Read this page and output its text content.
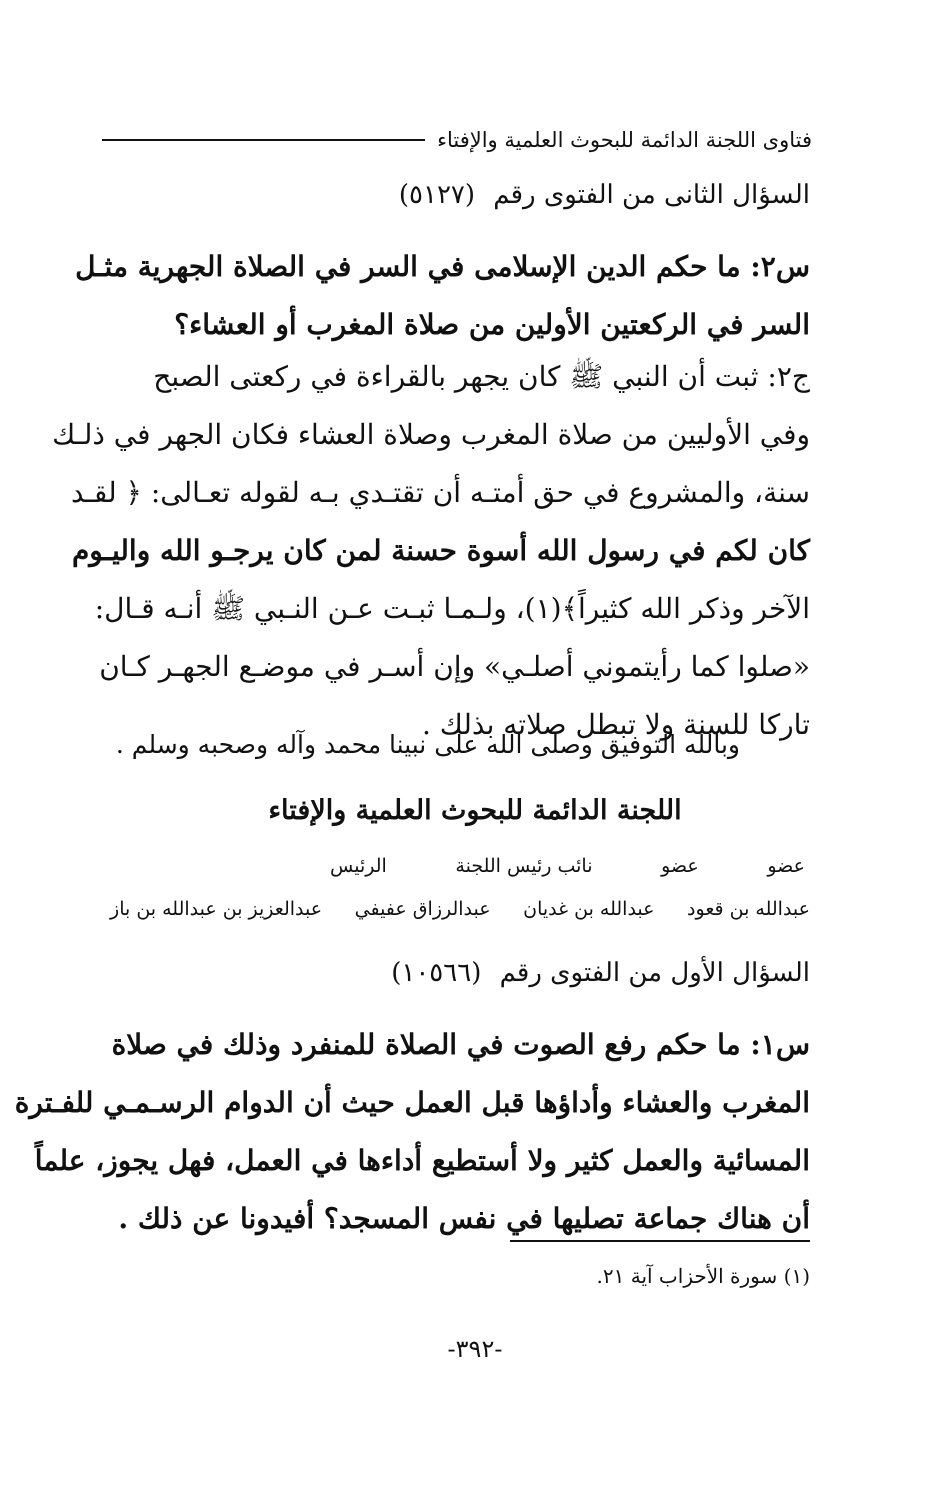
فتاوى اللجنة الدائمة للبحوث العلمية والإفتاء
السؤال الثانى من الفتوى رقم (٥١٢٧)
س٢: ما حكم الدين الإسلامى في السر في الصلاة الجهرية مثـل
السر في الركعتين الأولين من صلاة المغرب أو العشاء؟
ج٢: ثبت أن النبي ﷺ كان يجهر بالقراءة في ركعتى الصبح
وفي الأوليين من صلاة المغرب وصلاة العشاء فكان الجهر في ذلـك
سنة، والمشروع في حق أمتـه أن تقتـدي بـه لقوله تعـالى: ﴿ لقـد
كان لكم في رسول الله أسوة حسنة لمن كان يرجـو الله واليـوم
الآخر وذكر الله كثيراً﴾(١)، ولـمـا ثبـت عـن النـبي ﷺ أنـه قـال:
«صلوا كما رأيتموني أصلـي» وإن أسـر في موضـع الجهـر كـان
تاركا للسنة ولا تبطل صلاته بذلك .
وبالله التوفيق وصلى الله على نبينا محمد وآله وصحبه وسلم .
اللجنة الدائمة للبحوث العلمية والإفتاء
عضو
عضو
نائب رئيس اللجنة
الرئيس
عبدالله بن قعود
عبدالله بن غديان
عبدالرزاق عفيفي
عبدالعزيز بن عبدالله بن باز
السؤال الأول من الفتوى رقم (١٠٥٦٦)
س١: ما حكم رفع الصوت في الصلاة للمنفرد وذلك في صلاة
المغرب والعشاء وأداؤها قبل العمل حيث أن الدوام الرسـمـي للفـترة
المسائية والعمل كثير ولا أستطيع أداءها في العمل، فهل يجوز، علماً
أن هناك جماعة تصليها في نفس المسجد؟ أفيدونا عن ذلك .
(١) سورة الأحزاب آية ٢١.
-٣٩٢-
